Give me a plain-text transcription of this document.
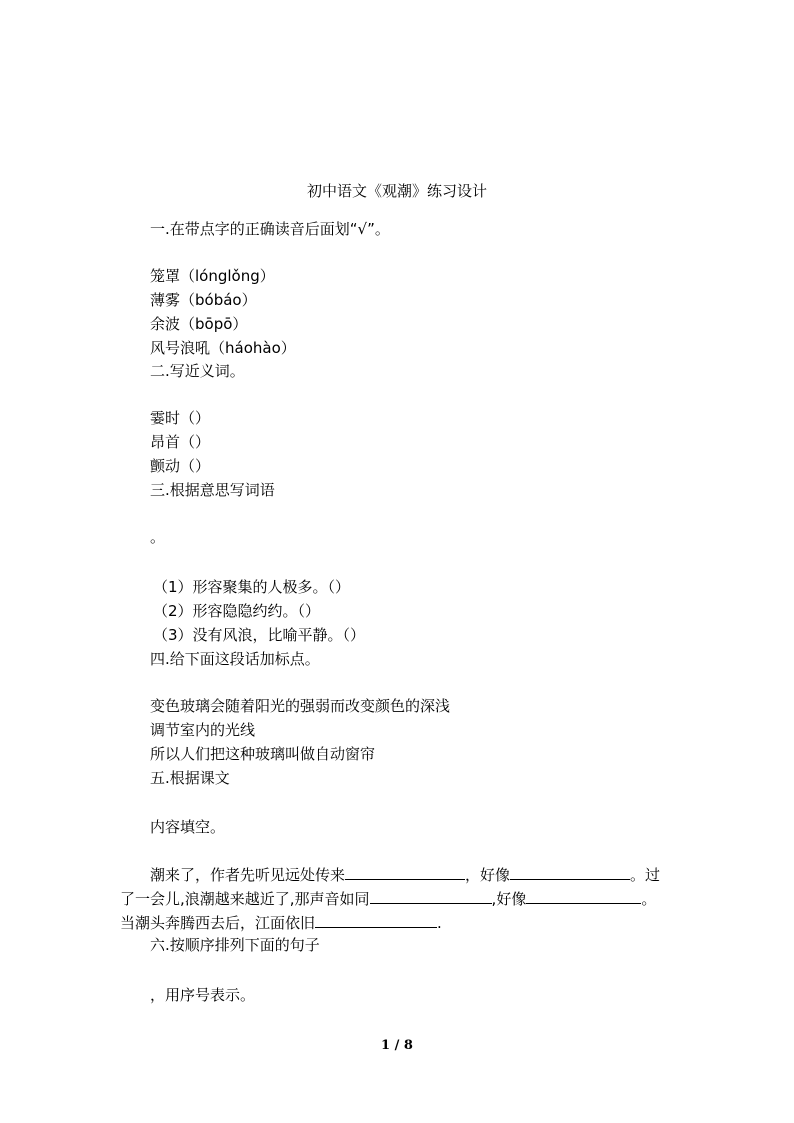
初中语文《观潮》练习设计
一.在带点字的正确读音后面划“√”。
笼罩（lónglǒng）
薄雾（bóbáo）
余波（bōpō）
风号浪吼（háohào）
二.写近义词。
霎时（）
昂首（）
颤动（）
三.根据意思写词语
。
（1）形容聚集的人极多。（）
（2）形容隐隐约约。（）
（3）没有风浪，比喻平静。（）
四.给下面这段话加标点。
变色玻璃会随着阳光的强弱而改变颜色的深浅
调节室内的光线
所以人们把这种玻璃叫做自动窗帘
五.根据课文
内容填空。
潮来了，作者先听见远处传来	，好像	。过
了一会儿,浪潮越来越近了,那声音如同	,好像	。
当潮头奔腾西去后，江面依旧	.
六.按顺序排列下面的句子
，用序号表示。
1 / 8
